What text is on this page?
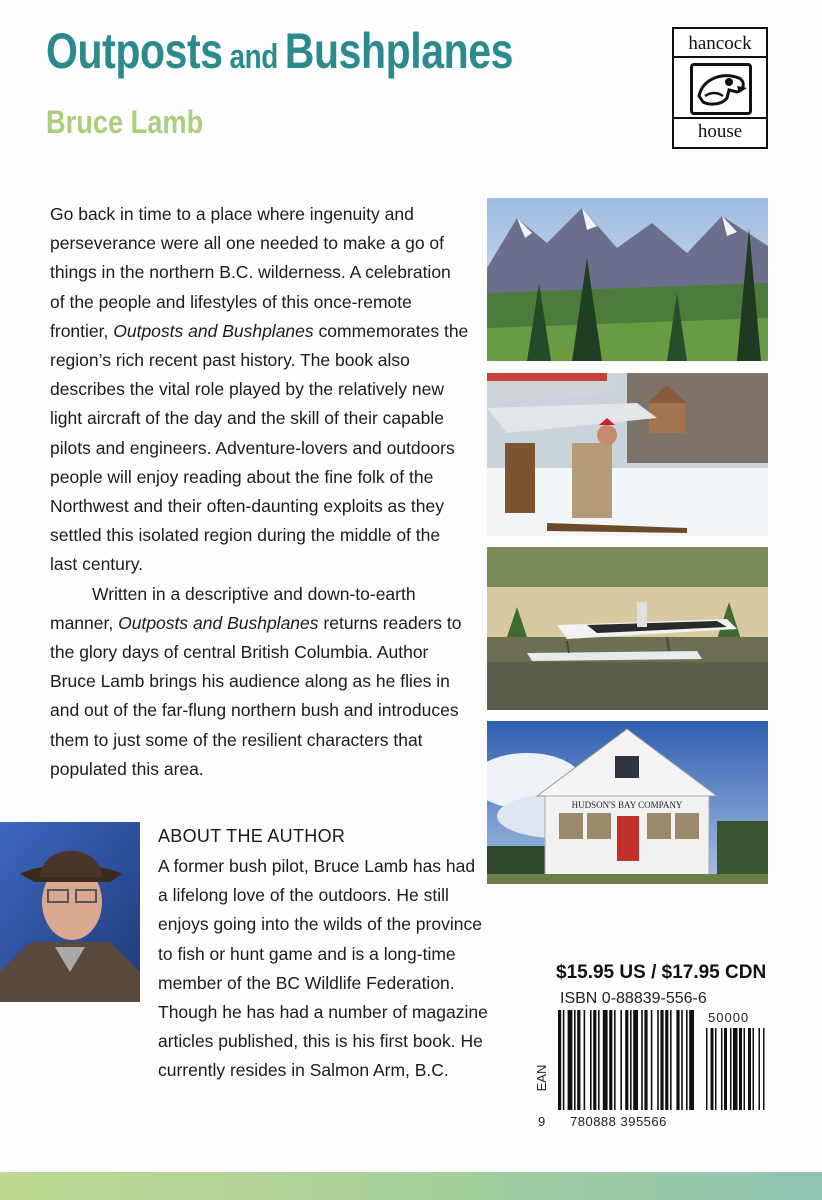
Outposts and Bushplanes
Bruce Lamb
hancock
house

Go back in time to a place where ingenuity and perseverance were all one needed to make a go of things in the northern B.C. wilderness. A celebration of the people and lifestyles of this once-remote frontier, Outposts and Bushplanes commemorates the region’s rich recent past history. The book also describes the vital role played by the relatively new light aircraft of the day and the skill of their capable pilots and engineers. Adventure-lovers and outdoors people will enjoy reading about the fine folk of the Northwest and their often-daunting exploits as they settled this isolated region during the middle of the last century.

Written in a descriptive and down-to-earth manner, Outposts and Bushplanes returns readers to the glory days of central British Columbia. Author Bruce Lamb brings his audience along as he flies in and out of the far-flung northern bush and introduces them to just some of the resilient characters that populated this area.

HUDSON'S BAY COMPANY
ABOUT THE AUTHOR

A former bush pilot, Bruce Lamb has had a lifelong love of the outdoors. He still enjoys going into the wilds of the province to fish or hunt game and is a long-time member of the BC Wildlife Federation. Though he has had a number of magazine articles published, this is his first book. He currently resides in Salmon Arm, B.C.

$15.95 US / $17.95 CDN
ISBN 0-88839-556-6
EAN
9 780888 395566
50000
